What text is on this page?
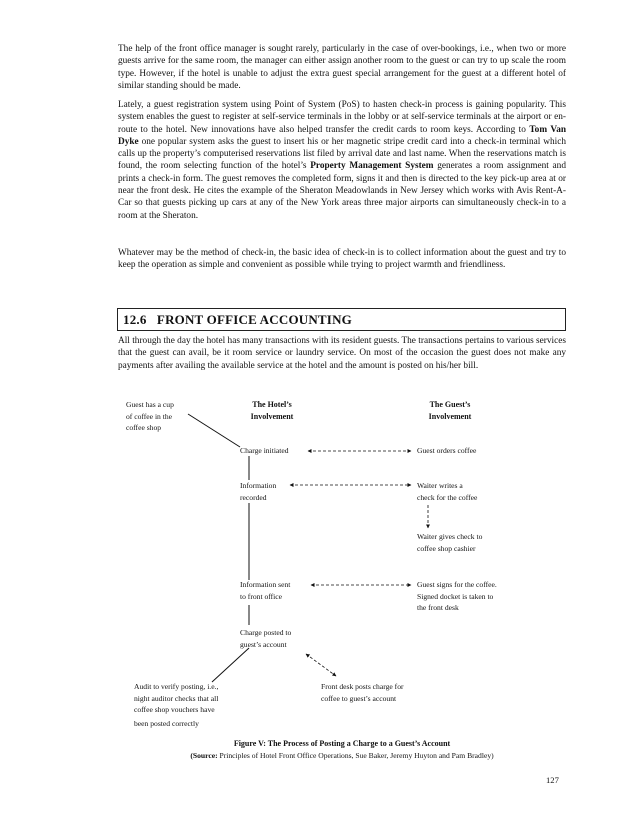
The help of the front office manager is sought rarely, particularly in the case of over-bookings, i.e., when two or more guests arrive for the same room, the manager can either assign another room to the guest or can try to up scale the room type. However, if the hotel is unable to adjust the extra guest special arrangement for the guest at a different hotel of similar standing should be made.

Lately, a guest registration system using Point of System (PoS) to hasten check-in process is gaining popularity. This system enables the guest to register at self-service terminals in the lobby or at self-service terminals at the airport or en-route to the hotel. New innovations have also helped transfer the credit cards to room keys. According to Tom Van Dyke one popular system asks the guest to insert his or her magnetic stripe credit card into a check-in terminal which calls up the property’s computerised reservations list filed by arrival date and last name. When the reservations match is found, the room selecting function of the hotel’s Property Management System generates a room assignment and prints a check-in form. The guest removes the completed form, signs it and then is directed to the key pick-up area at or near the front desk. He cites the example of the Sheraton Meadowlands in New Jersey which works with Avis Rent-A-Car so that guests picking up cars at any of the New York areas three major airports can simultaneously check-in to a room at the Sheraton.

Whatever may be the method of check-in, the basic idea of check-in is to collect information about the guest and try to keep the operation as simple and convenient as possible while trying to project warmth and friendliness.

12.6 FRONT OFFICE ACCOUNTING

All through the day the hotel has many transactions with its resident guests. The transactions pertains to various services that the guest can avail, be it room service or laundry service. On most of the occasion the guest does not make any payments after availing the available service at the hotel and the amount is posted on his/her bill.

Guest has a cup
of coffee in the
coffee shop
The Hotel’s
Involvement
The Guest’s
Involvement
Charge initiated
Information
recorded
Information sent
to front office
Charge posted to
guest’s account
Guest orders coffee
Waiter writes a
check for the coffee
Waiter gives check to
coffee shop cashier
Guest signs for the coffee.
Signed docket is taken to
the front desk
Audit to verify posting, i.e.,
night auditor checks that all
coffee shop vouchers have
been posted correctly
Front desk posts charge for
coffee to guest’s account
Figure V: The Process of Posting a Charge to a Guest’s Account
(Source: Principles of Hotel Front Office Operations, Sue Baker, Jeremy Huyton and Pam Bradley)
127
